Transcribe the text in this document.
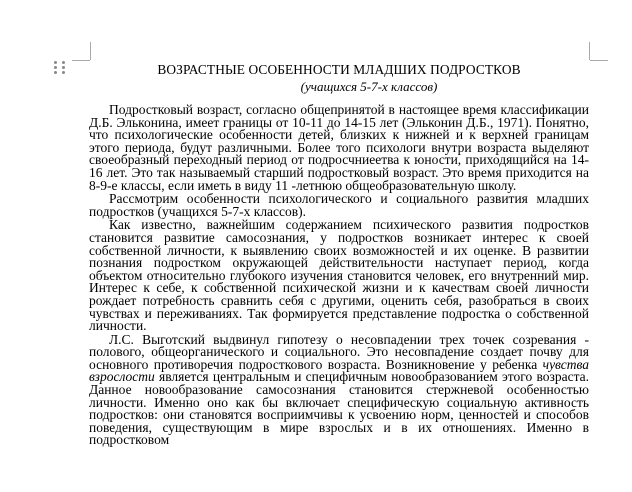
ВОЗРАСТНЫЕ ОСОБЕННОСТИ МЛАДШИХ ПОДРОСТКОВ
(учащихся 5-7-х классов)

Подростковый возраст, согласно общепринятой в настоящее время классификации Д.Б. Эльконина, имеет границы от 10-11 до 14-15 лет (Эльконин Д.Б., 1971). Понятно, что психологические особенности детей, близких к нижней и к верхней границам этого периода, будут различными. Более того психологи внутри возраста выделяют своеобразный переходный период от подросчниеетва к юности, приходящийся на 14-16 лет. Это так называемый старший подростковый возраст. Это время приходится на 8-9-е классы, если иметь в виду 11 -летнюю общеобразовательную школу.

Рассмотрим особенности психологического и социального развития младших подростков (учащихся 5-7-х классов).

Как известно, важнейшим содержанием психического развития подростков становится развитие самосознания, у подростков возникает интерес к своей собственной личности, к выявлению своих возможностей и их оценке. В развитии познания подростком окружающей действительности наступает период, когда объектом относительно глубокого изучения становится человек, его внутренний мир. Интерес к себе, к собственной психической жизни и к качествам своей личности рождает потребность сравнить себя с другими, оценить себя, разобраться в своих чувствах и переживаниях. Так формируется представление подростка о собственной личности.

Л.С. Выготский выдвинул гипотезу о несовпадении трех точек созревания - полового, общеорганического и социального. Это несовпадение создает почву для основного противоречия подросткового возраста. Возникновение у ребенка чувства взрослости является центральным и специфичным новообразованием этого возраста. Данное новообразование самосознания становится стержневой особенностью личности. Именно оно как бы включает специфическую социальную активность подростков: они становятся восприимчивы к усвоению норм, ценностей и способов поведения, существующим в мире взрослых и в их отношениях. Именно в подростковом
